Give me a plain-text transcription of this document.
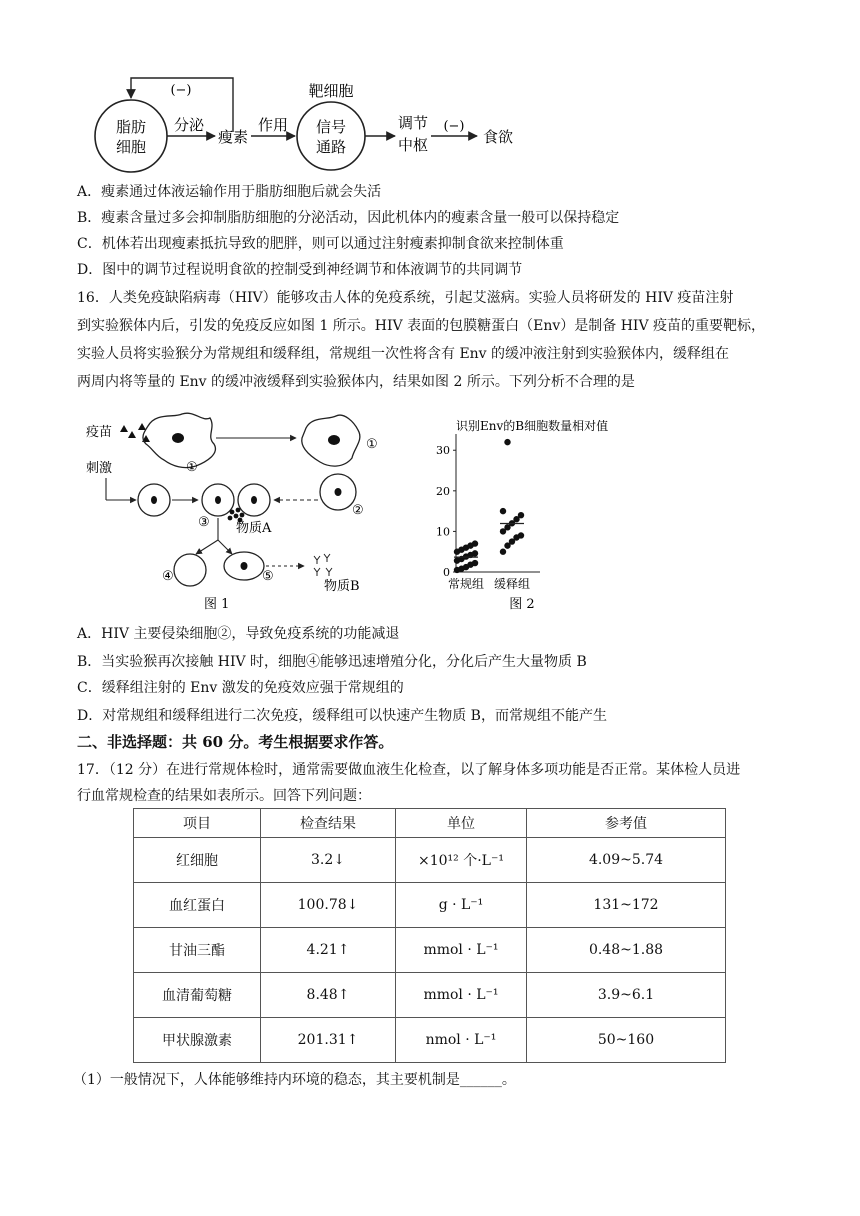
脂肪
细胞
(−)
分泌
瘦素
作用
靶细胞
信号
通路
调节
中枢
(−)
食欲
A．瘦素通过体液运输作用于脂肪细胞后就会失活
B．瘦素含量过多会抑制脂肪细胞的分泌活动，因此机体内的瘦素含量一般可以保持稳定
C．机体若出现瘦素抵抗导致的肥胖，则可以通过注射瘦素抑制食欲来控制体重
D．图中的调节过程说明食欲的控制受到神经调节和体液调节的共同调节
16．人类免疫缺陷病毒（HIV）能够攻击人体的免疫系统，引起艾滋病。实验人员将研发的 HIV 疫苗注射
到实验猴体内后，引发的免疫反应如图 1 所示。HIV 表面的包膜糖蛋白（Env）是制备 HIV 疫苗的重要靶标，
实验人员将实验猴分为常规组和缓释组，常规组一次性将含有 Env 的缓冲液注射到实验猴体内，缓释组在
两周内将等量的 Env 的缓冲液缓释到实验猴体内，结果如图 2 所示。下列分析不合理的是
疫苗
①
①
刺激
③ 物质A
②
④	⑤
物质B
图 1
识别Env的B细胞数量相对值
0
10
20
30
常规组 缓释组
图 2
A．HIV 主要侵染细胞②，导致免疫系统的功能减退
B．当实验猴再次接触 HIV 时，细胞④能够迅速增殖分化，分化后产生大量物质 B
C．缓释组注射的 Env 激发的免疫效应强于常规组的
D．对常规组和缓释组进行二次免疫，缓释组可以快速产生物质 B，而常规组不能产生
二、非选择题：共 60 分。考生根据要求作答。
17．（12 分）在进行常规体检时，通常需要做血液生化检查，以了解身体多项功能是否正常。某体检人员进
行血常规检查的结果如表所示。回答下列问题：
项目	检查结果	单位	参考值
红细胞	3.2↓	×10¹² 个·L⁻¹	4.09~5.74
血红蛋白	100.78↓	g · L⁻¹	131~172
甘油三酯	4.21↑	mmol · L⁻¹	0.48~1.88
血清葡萄糖	8.48↑	mmol · L⁻¹	3.9~6.1
甲状腺激素	201.31↑	nmol · L⁻¹	50~160
（1）一般情况下，人体能够维持内环境的稳态，其主要机制是______。
